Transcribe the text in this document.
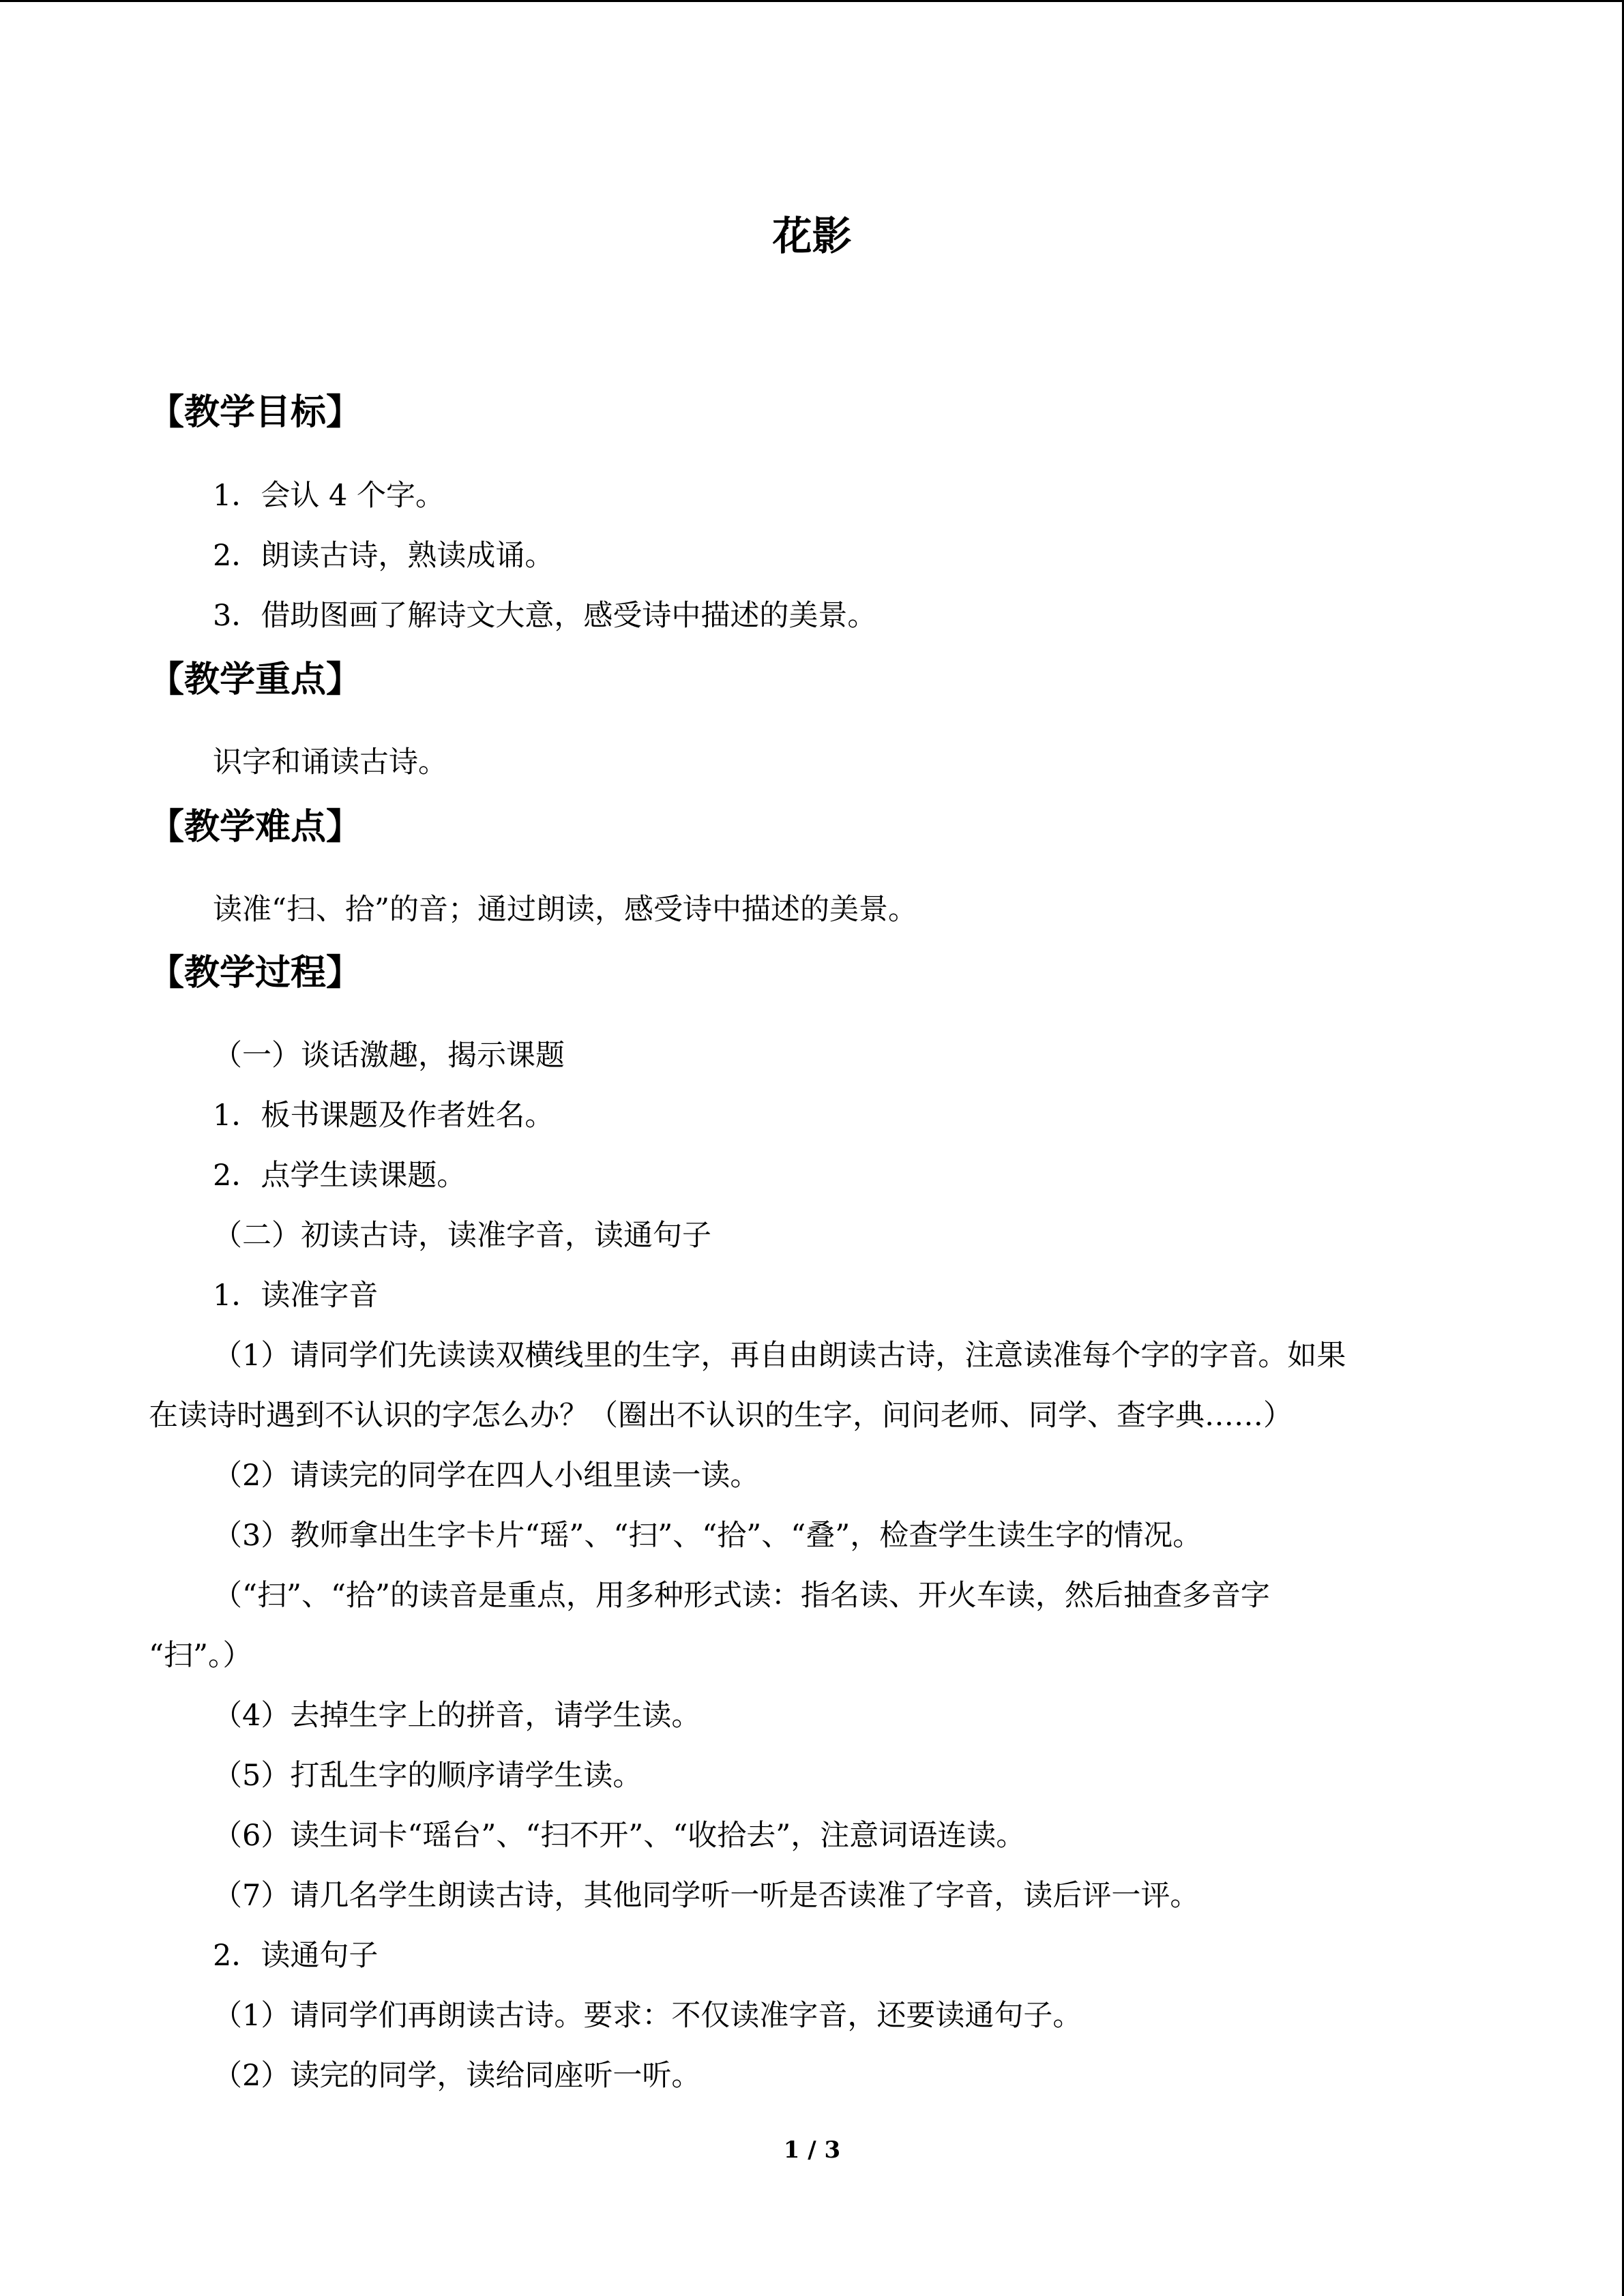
花影
【教学目标】
1．会认 4 个字。
2．朗读古诗，熟读成诵。
3．借助图画了解诗文大意，感受诗中描述的美景。
【教学重点】
识字和诵读古诗。
【教学难点】
读准“扫、拾”的音；通过朗读，感受诗中描述的美景。
【教学过程】
（一）谈话激趣，揭示课题
1．板书课题及作者姓名。
2．点学生读课题。
（二）初读古诗，读准字音，读通句子
1．读准字音
（1）请同学们先读读双横线里的生字，再自由朗读古诗，注意读准每个字的字音。如果
在读诗时遇到不认识的字怎么办？（圈出不认识的生字，问问老师、同学、查字典……）
（2）请读完的同学在四人小组里读一读。
（3）教师拿出生字卡片“瑶”、“扫”、“拾”、“叠”，检查学生读生字的情况。
（“扫”、“拾”的读音是重点，用多种形式读：指名读、开火车读，然后抽查多音字
“扫”。）
（4）去掉生字上的拼音，请学生读。
（5）打乱生字的顺序请学生读。
（6）读生词卡“瑶台”、“扫不开”、“收拾去”，注意词语连读。
（7）请几名学生朗读古诗，其他同学听一听是否读准了字音，读后评一评。
2．读通句子
（1）请同学们再朗读古诗。要求：不仅读准字音，还要读通句子。
（2）读完的同学，读给同座听一听。
1 / 3
